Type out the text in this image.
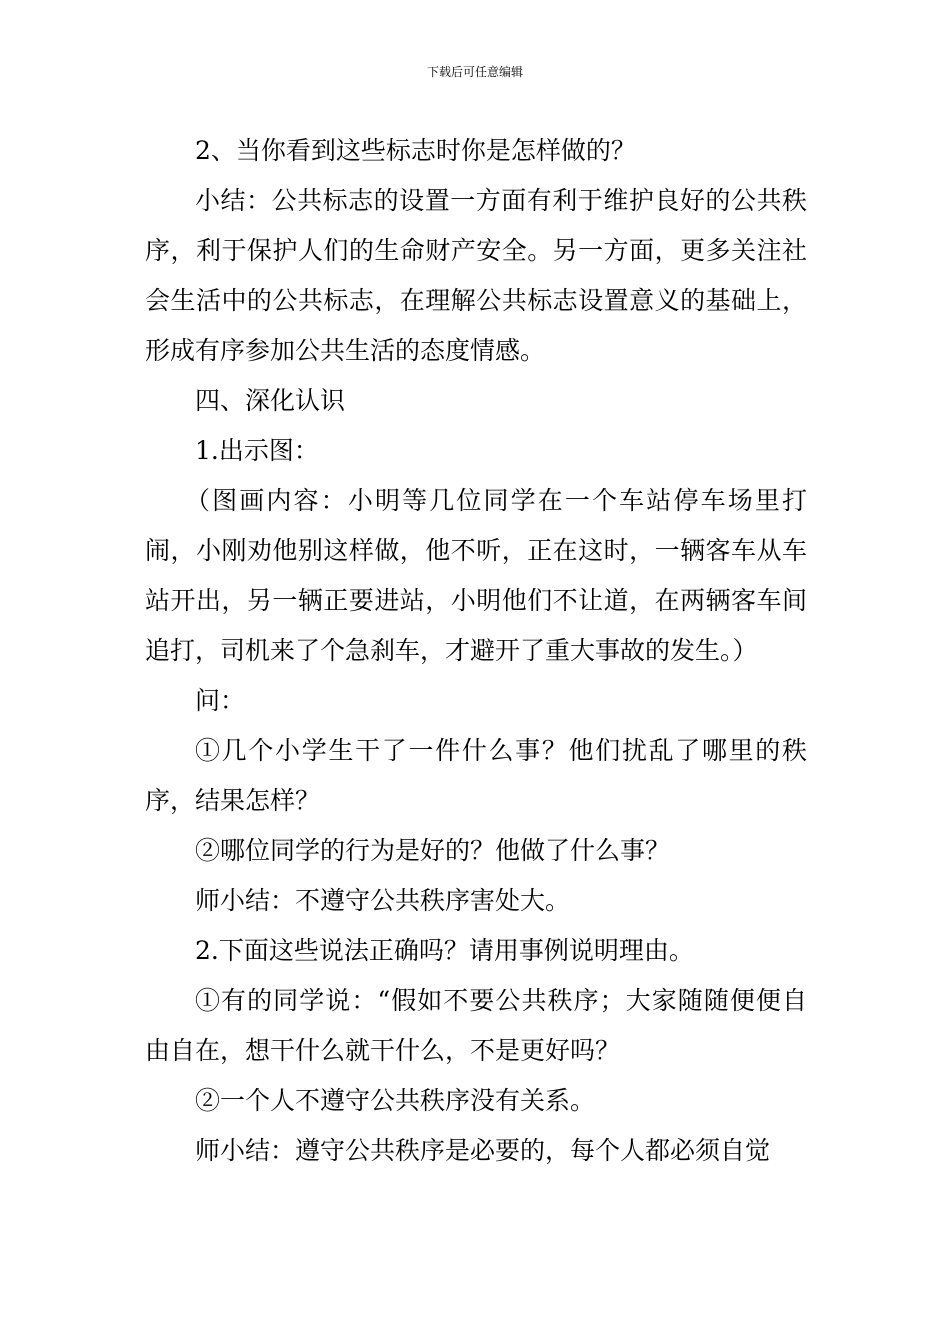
下载后可任意编辑

2、当你看到这些标志时你是怎样做的？

小结：公共标志的设置一方面有利于维护良好的公共秩序，利于保护人们的生命财产安全。另一方面，更多关注社会生活中的公共标志，在理解公共标志设置意义的基础上，形成有序参加公共生活的态度情感。

四、深化认识

1.出示图：

（图画内容：小明等几位同学在一个车站停车场里打闹，小刚劝他别这样做，他不听，正在这时，一辆客车从车站开出，另一辆正要进站，小明他们不让道，在两辆客车间追打，司机来了个急刹车，才避开了重大事故的发生。）

问：

①几个小学生干了一件什么事？他们扰乱了哪里的秩序，结果怎样？

②哪位同学的行为是好的？他做了什么事？

师小结：不遵守公共秩序害处大。

2.下面这些说法正确吗？请用事例说明理由。

①有的同学说：“假如不要公共秩序；大家随随便便自由自在，想干什么就干什么，不是更好吗？

②一个人不遵守公共秩序没有关系。

师小结：遵守公共秩序是必要的，每个人都必须自觉
